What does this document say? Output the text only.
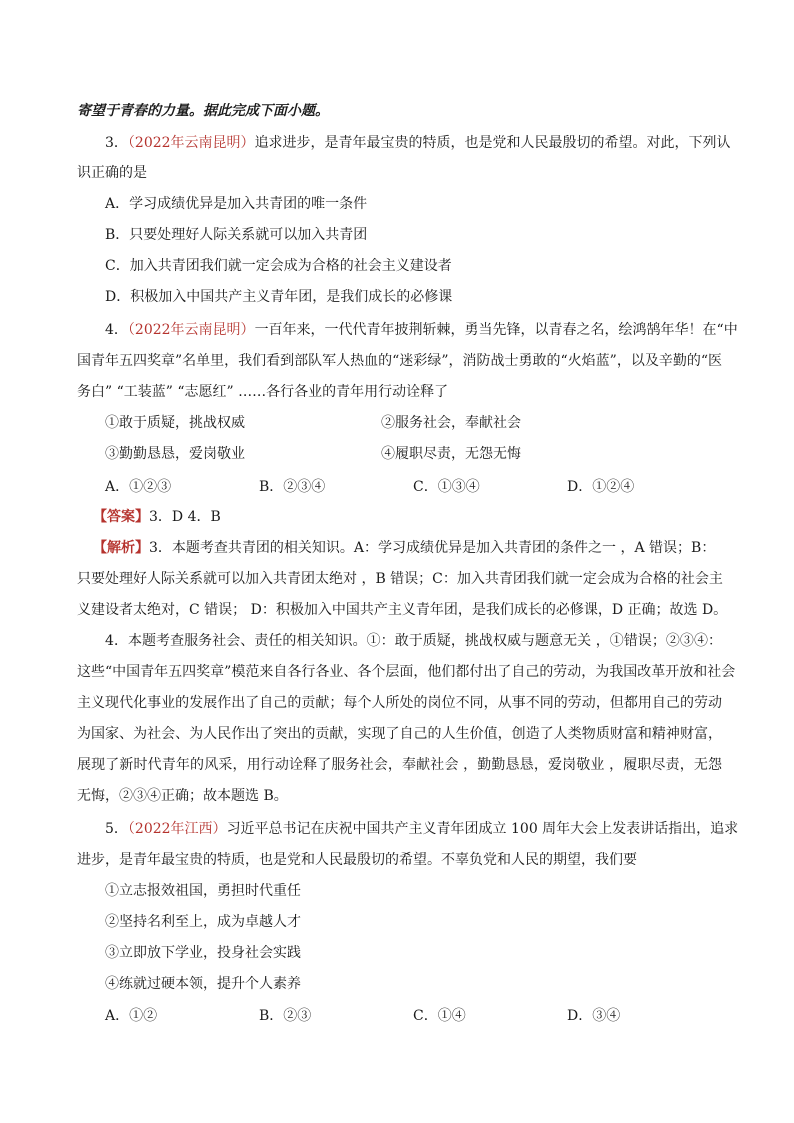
寄望于青春的力量。据此完成下面小题。
3．（2022年云南昆明）追求进步，是青年最宝贵的特质，也是党和人民最殷切的希望。对此，下列认
识正确的是
A．学习成绩优异是加入共青团的唯一条件
B．只要处理好人际关系就可以加入共青团
C．加入共青团我们就一定会成为合格的社会主义建设者
D．积极加入中国共产主义青年团，是我们成长的必修课
4．（2022年云南昆明）一百年来，一代代青年披荆斩棘，勇当先锋，以青春之名，绘鸿鹄年华！在“中
国青年五四奖章”名单里，我们看到部队军人热血的“迷彩绿”，消防战士勇敢的“火焰蓝”，以及辛勤的“医
务白” “工装蓝” “志愿红” ……各行各业的青年用行动诠释了
①敢于质疑，挑战权威	②服务社会，奉献社会
③勤勤恳恳，爱岗敬业	④履职尽责，无怨无悔
A．①②③	B．②③④	C．①③④	D．①②④
【答案】3．D 4．B
【解析】3．本题考查共青团的相关知识。A：学习成绩优异是加入共青团的条件之一 ，A 错误；B：
只要处理好人际关系就可以加入共青团太绝对 ，B 错误；C：加入共青团我们就一定会成为合格的社会主
义建设者太绝对，C 错误； D：积极加入中国共产主义青年团，是我们成长的必修课，D 正确；故选 D。
4．本题考查服务社会、责任的相关知识。①：敢于质疑，挑战权威与题意无关 ，①错误；②③④：
这些“中国青年五四奖章”模范来自各行各业、各个层面，他们都付出了自己的劳动，为我国改革开放和社会
主义现代化事业的发展作出了自己的贡献；每个人所处的岗位不同，从事不同的劳动，但都用自己的劳动
为国家、为社会、为人民作出了突出的贡献，实现了自己的人生价值，创造了人类物质财富和精神财富，
展现了新时代青年的风采，用行动诠释了服务社会，奉献社会 ，勤勤恳恳，爱岗敬业 ，履职尽责，无怨
无悔，②③④正确；故本题选 B。
5．（2022年江西）习近平总书记在庆祝中国共产主义青年团成立 100 周年大会上发表讲话指出，追求
进步，是青年最宝贵的特质，也是党和人民最殷切的希望。不辜负党和人民的期望，我们要
①立志报效祖国，勇担时代重任
②坚持名利至上，成为卓越人才
③立即放下学业，投身社会实践
④练就过硬本领，提升个人素养
A．①②	B．②③	C．①④	D．③④
